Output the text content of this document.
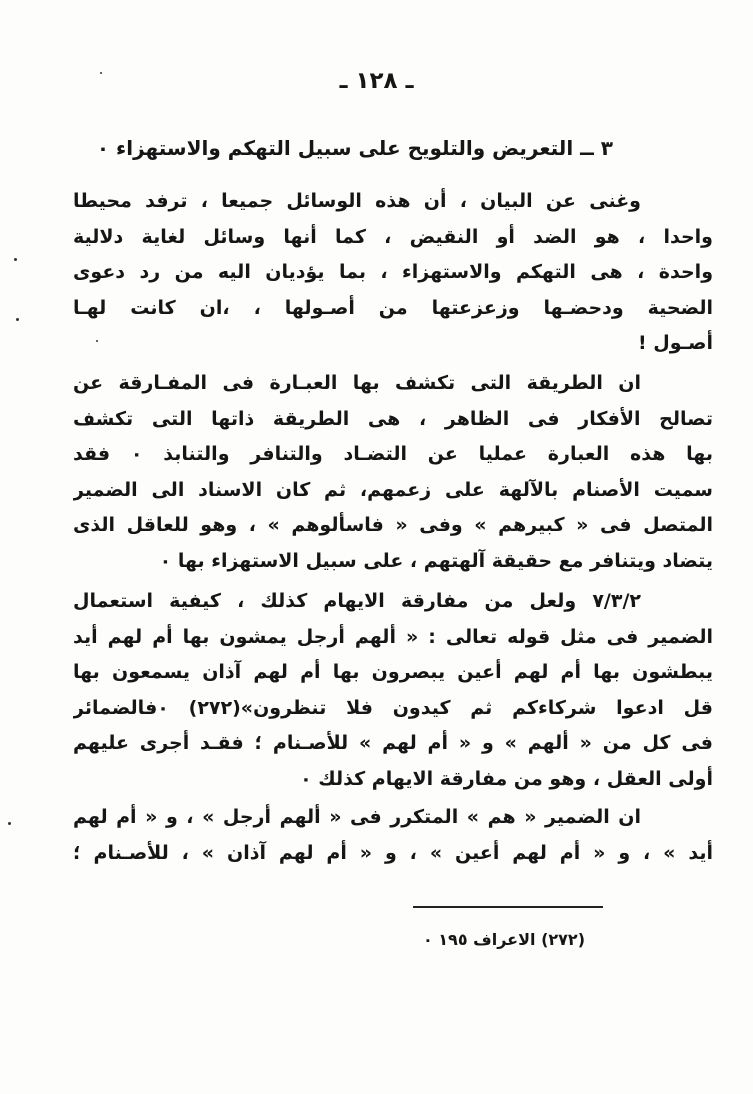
ـ ١٢٨ ـ
٣ ــ التعريض والتلويح على سبيل التهكم والاستهزاء ٠
وغنى عن البيان ، أن هذه الوسائل جميعا ، ترفد محيطا
واحدا ، هو الضد أو النقيض ، كما أنها وسائل لغاية دلالية
واحدة ، هى التهكم والاستهزاء ، بما يؤديان اليه من رد دعوى
الضحية ودحضـها وزعزعتها من أصـولها ، ،ان كانت لهـا
أصـول !
ان الطريقة التى تكشف بها العبـارة فى المفـارقة عن
تصالح الأفكار فى الظاهر ، هى الطريقة ذاتها التى تكشف
بها هذه العبارة عمليا عن التضـاد والتنافر والتنابذ ٠ فقد
سميت الأصنام بالآلهة على زعمهم، ثم كان الاسناد الى الضمير
المتصل فى « كبيرهم » وفى « فاسألوهم » ، وهو للعاقل الذى
يتضاد ويتنافر مع حقيقة آلهتهم ، على سبيل الاستهزاء بها ٠
٧/٣/٢ ولعل من مفارقة الايهام كذلك ، كيفية استعمال
الضمير فى مثل قوله تعالى : « ألهم أرجل يمشون بها أم لهم أيد
يبطشون بها أم لهم أعين يبصرون بها أم لهم آذان يسمعون بها
قل ادعوا شركاءكم ثم كيدون فلا تنظرون»(٢٧٢) ٠فالضمائر
فى كل من « ألهم » و « أم لهم » للأصـنام ؛ فقـد أجرى عليهم
أولى العقل ، وهو من مفارقة الايهام كذلك ٠
ان الضمير « هم » المتكرر فى « ألهم أرجل » ، و « أم لهم
أيد » ، و « أم لهم أعين » ، و « أم لهم آذان » ، للأصـنام ؛
(٢٧٢) الاعراف ١٩٥ ٠
